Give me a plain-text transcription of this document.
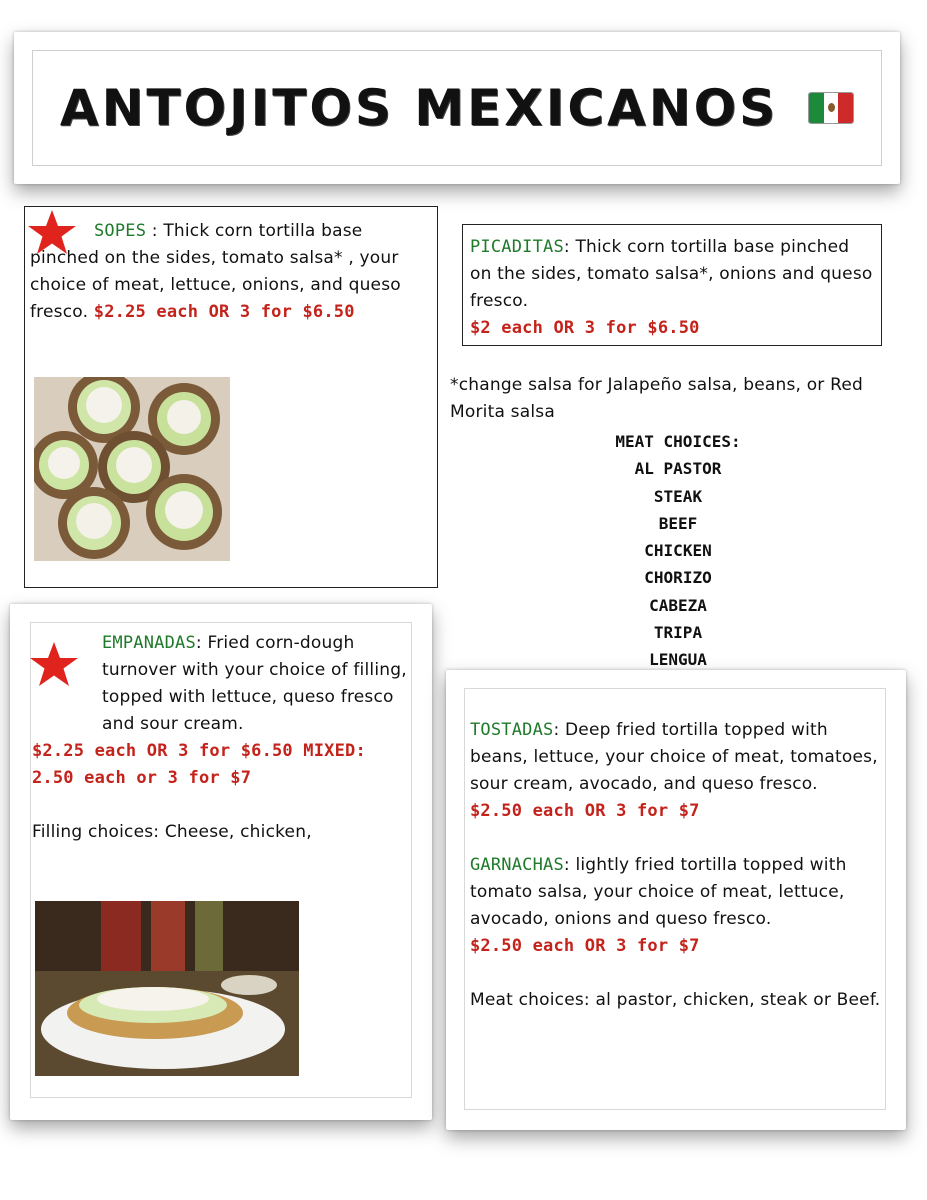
ANTOJITOS MEXICANOS
SOPES : Thick corn tortilla base pinched on the sides, tomato salsa* , your choice of meat, lettuce, onions, and queso fresco. $2.25 each OR 3 for $6.50
PICADITAS: Thick corn tortilla base pinched on the sides, tomato salsa*, onions and queso fresco.
$2 each OR 3 for $6.50
*change salsa for Jalapeño salsa, beans, or Red Morita salsa
MEAT CHOICES:
AL PASTOR
STEAK
BEEF
CHICKEN
CHORIZO
CABEZA
TRIPA
LENGUA
EMPANADAS: Fried corn-dough turnover with your choice of filling, topped with lettuce, queso fresco and sour cream.
$2.25 each OR 3 for $6.50 MIXED: 2.50 each or 3 for $7
Filling choices: Cheese, chicken,
TOSTADAS: Deep fried tortilla topped with beans, lettuce, your choice of meat, tomatoes, sour cream, avocado, and queso fresco.
$2.50 each OR 3 for $7
GARNACHAS: lightly fried tortilla topped with tomato salsa, your choice of meat, lettuce, avocado, onions and queso fresco.
$2.50 each OR 3 for $7
Meat choices: al pastor, chicken, steak or Beef.
